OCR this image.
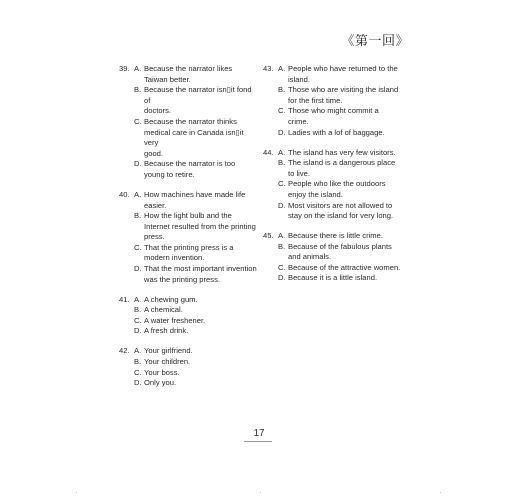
《第一回》
39. A. Because the narrator likes
Taiwan better.
B. Because the narrator isn▯it fond of
doctors.
C. Because the narrator thinks
medical care in Canada isn▯it very
good.
D. Because the narrator is too
young to retire.
40. A. How machines have made life
easier.
B. How the light bulb and the
Internet resulted from the printing
press.
C. That the printing press is a
modern invention.
D. That the most important invention
was the printing press.
41. A. A chewing gum.
B. A chemical.
C. A water freshener.
D. A fresh drink.
42. A. Your girlfriend.
B. Your children.
C. Your boss.
D. Only you.
43. A. People who have returned to the
island.
B. Those who are visiting the island
for the first time.
C. Those who might commit a
crime.
D. Ladies with a lof of baggage.
44. A. The island has very few visitors.
B. The island is a dangerous place
to live.
C. People who like the outdoors
enjoy the island.
D. Most visitors are not allowed to
stay on the island for very long.
45. A. Because there is little crime.
B. Because of the fabulous plants
and animals.
C. Because of the attractive women.
D. Because it is a little island.
17
